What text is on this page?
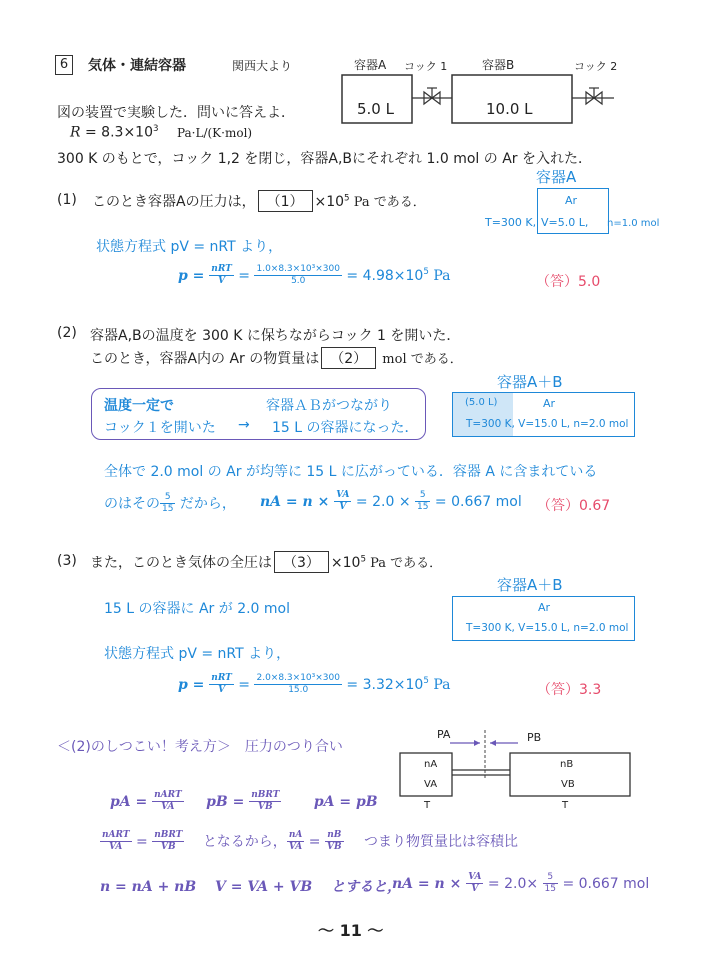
6	気体・連結容器	関西大より	容器A コック 1	容器B	コック 2
5.0 L	10.0 L
図の装置で実験した．問いに答えよ．
$R = 8.3\times 10^3$ Pa·L/(K·mol)
300 K のもとで，コック 1,2 を閉じ，容器A,Bにそれぞれ 1.0 mol の Ar を入れた．
(1) このとき容器Aの圧力は， $(1) \times 10^5$ Pa である．
容器A
Ar
T=300 K, V=5.0 L, n=1.0 mol
状態方程式 pV = nRT より，
$p = \frac{\text{nRT}}{V} = \frac{\text{1.0×8.3×10³×300}}{5.0} = 4.98\times 10^5$ Pa	（答）5.0
(2) 容器A,Bの温度を 300 K に保ちながらコック 1 を開いた．
このとき，容器A内の Ar の物質量は （2） mol である．
温度一定で	容器ＡＢがつながり
コック１を開いた → 15 L の容器になった．
容器A＋B
(5.0 L)	Ar
T=300 K, V=15.0 L, n=2.0 mol
全体で 2.0 mol の Ar が均等に 15 L に広がっている．容器 A に含まれている
のはその $\frac{5}{15}$ だから， nA = $n \times \frac{VA}{V} = 2.0 \times \frac{5}{15} = 0.667$ mol （答）0.67
(3) また，このとき気体の全圧は $(3) \times 10^5$ Pa である．
15 L の容器に Ar が 2.0 mol
容器A＋B
Ar
T=300 K, V=15.0 L, n=2.0 mol
状態方程式 pV = nRT より，
$p = \frac{\text{nRT}}{V} = \frac{\text{2.0×8.3×10³×300}}{15.0} = 3.32\times 10^5$ Pa	（答）3.3
＜(2)のしつこい！考え方＞　圧力のつり合い
PA	PB
nA
VA
T
nB
VB
T
pA = $\frac{\text{nART}}{VA}$ pB = $\frac{\text{nBRT}}{VB}$ pA = pB
$\frac{\text{nART}}{VA} = \frac{\text{nBRT}}{VB}$ となるから， $\frac{nA}{VA} = \frac{nB}{VB}$ つまり物質量比は容積比
n = nA + nB　 V = VA + VB　 とすると，
nA = $n \times \frac{VA}{V} = 2.0\times \frac{5}{15} = 0.667$ mol
～ 11 ～
